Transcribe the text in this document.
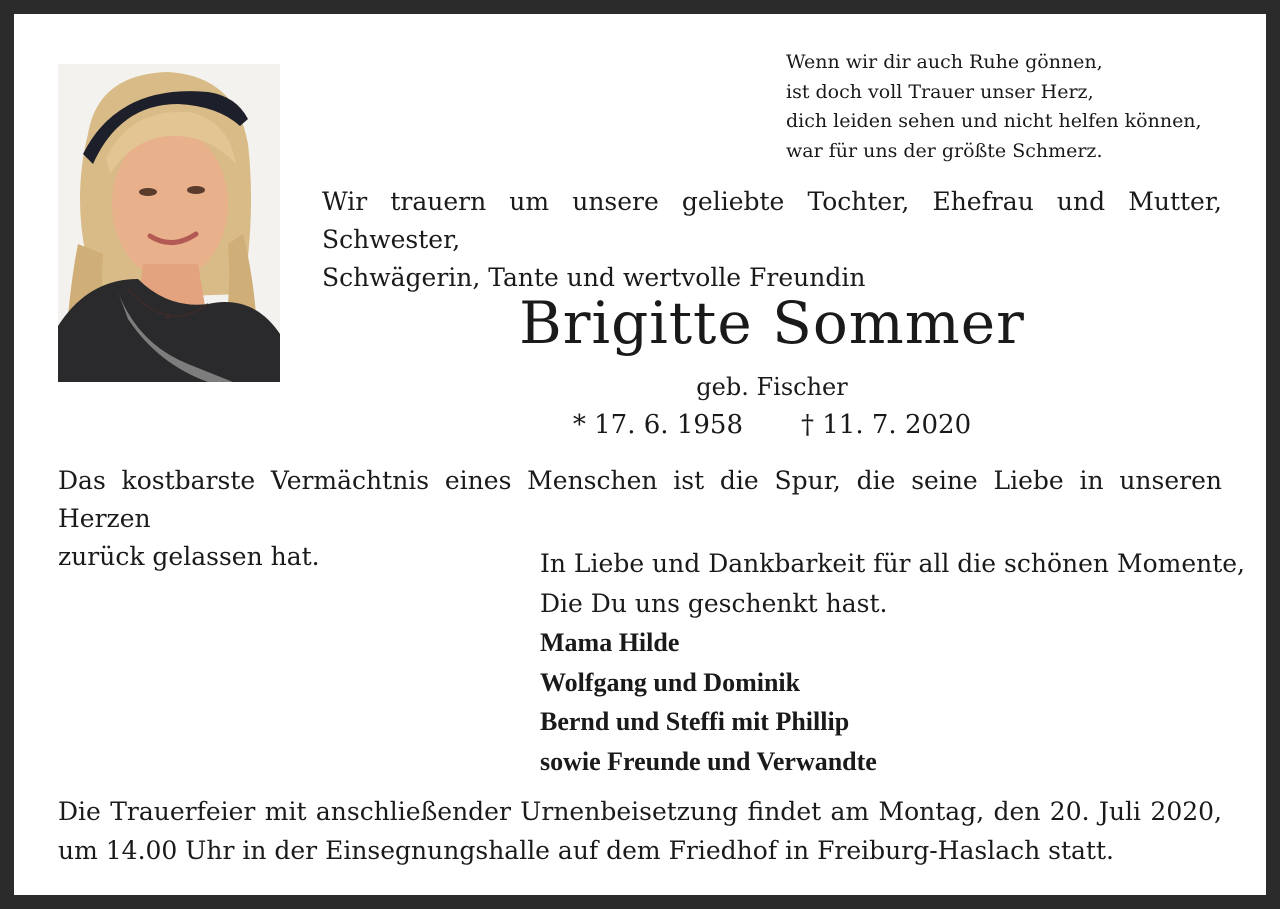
Wenn wir dir auch Ruhe gönnen,
ist doch voll Trauer unser Herz,
dich leiden sehen und nicht helfen können,
war für uns der größte Schmerz.
Wir trauern um unsere geliebte Tochter, Ehefrau und Mutter, Schwester,
Schwägerin, Tante und wertvolle Freundin
Brigitte Sommer
geb. Fischer
* 17. 6. 1958 † 11. 7. 2020
Das kostbarste Vermächtnis eines Menschen ist die Spur, die seine Liebe in unseren Herzen
zurück gelassen hat.	In Liebe und Dankbarkeit für all die schönen Momente,
Die Du uns geschenkt hast.
Mama Hilde
Wolfgang und Dominik
Bernd und Steffi mit Phillip
sowie Freunde und Verwandte
Die Trauerfeier mit anschließender Urnenbeisetzung findet am Montag, den 20. Juli 2020,
um 14.00 Uhr in der Einsegnungshalle auf dem Friedhof in Freiburg-Haslach statt.
